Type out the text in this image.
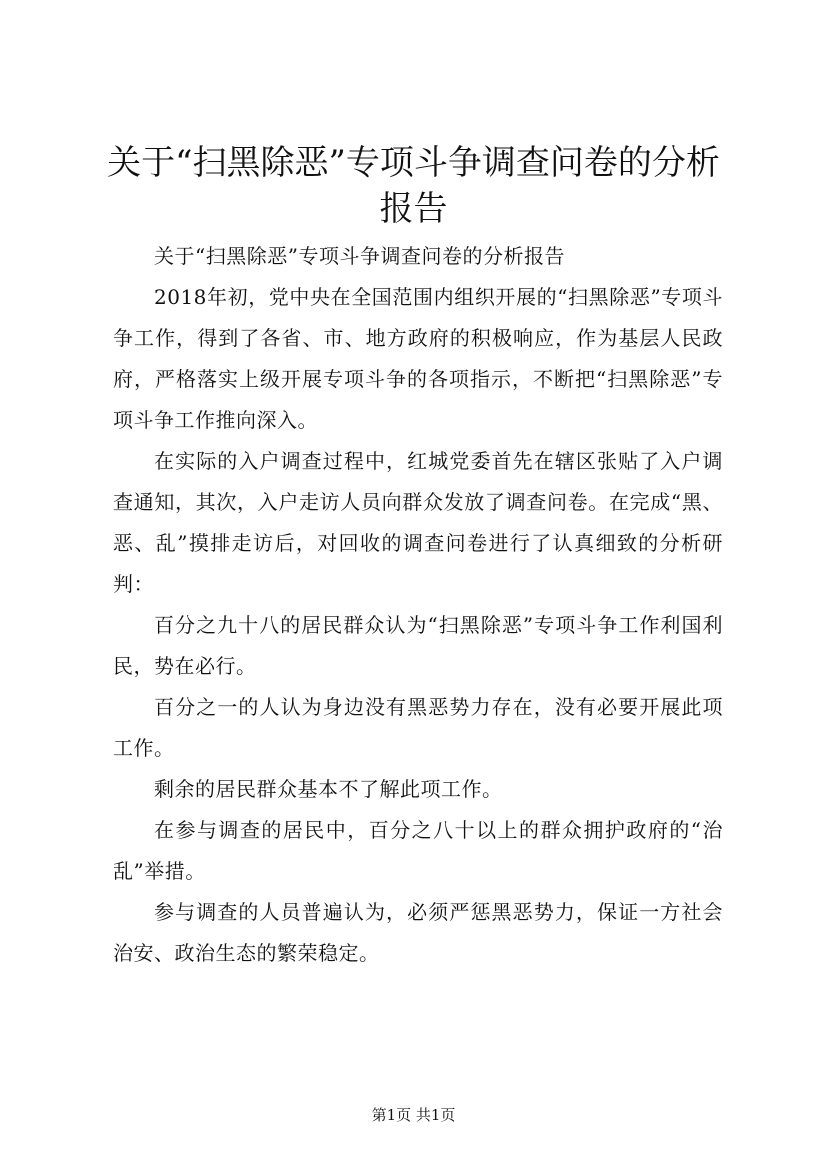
关于“扫黑除恶”专项斗争调查问卷的分析报告

关于“扫黑除恶”专项斗争调查问卷的分析报告

2018年初，党中央在全国范围内组织开展的“扫黑除恶”专项斗争工作，得到了各省、市、地方政府的积极响应，作为基层人民政府，严格落实上级开展专项斗争的各项指示，不断把“扫黑除恶”专项斗争工作推向深入。

在实际的入户调查过程中，红城党委首先在辖区张贴了入户调查通知，其次，入户走访人员向群众发放了调查问卷。在完成“黑、恶、乱”摸排走访后，对回收的调查问卷进行了认真细致的分析研判：

百分之九十八的居民群众认为“扫黑除恶”专项斗争工作利国利民，势在必行。

百分之一的人认为身边没有黑恶势力存在，没有必要开展此项工作。

剩余的居民群众基本不了解此项工作。

在参与调查的居民中，百分之八十以上的群众拥护政府的“治乱”举措。

参与调查的人员普遍认为，必须严惩黑恶势力，保证一方社会治安、政治生态的繁荣稳定。

第1页 共1页
